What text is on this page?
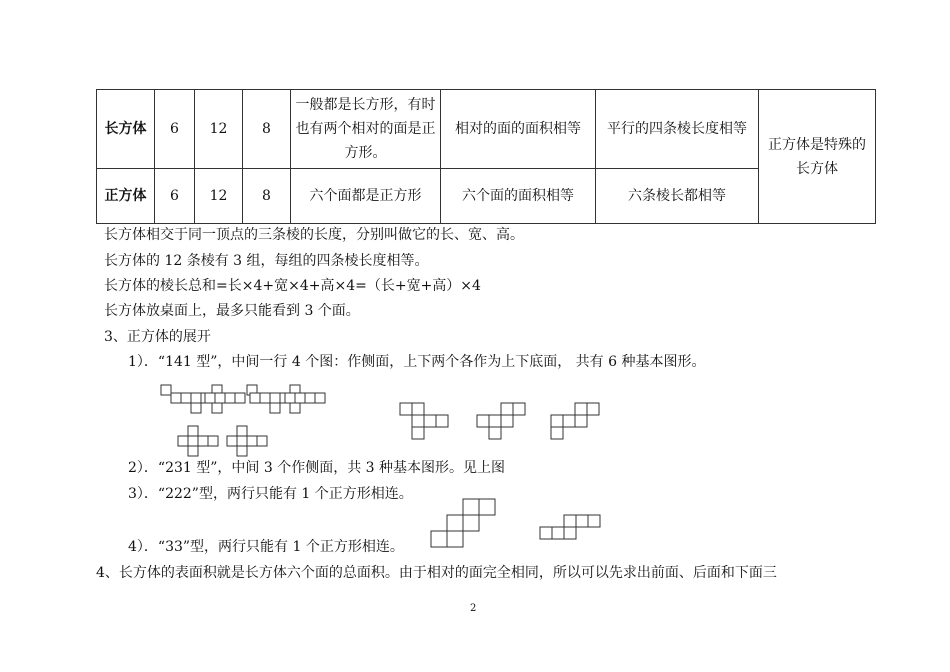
长方体	6	12	8	一般都是长方形，有时也有两个相对的面是正方形。	相对的面的面积相等	平行的四条棱长度相等	正方体是特殊的长方体
正方体	6	12	8	六个面都是正方形	六个面的面积相等	六条棱长都相等	
长方体相交于同一顶点的三条棱的长度，分别叫做它的长、宽、高。
长方体的 12 条棱有 3 组，每组的四条棱长度相等。
长方体的棱长总和=长×4+宽×4+高×4=（长+宽+高）×4
长方体放桌面上，最多只能看到 3 个面。
3、正方体的展开
1）．“141 型”，中间一行 4 个图：作侧面，上下两个各作为上下底面， 共有 6 种基本图形。
2）．“231 型”，中间 3 个作侧面，共 3 种基本图形。见上图
3）．“222”型，两行只能有 1 个正方形相连。
4）．“33”型，两行只能有 1 个正方形相连。
4、长方体的表面积就是长方体六个面的总面积。由于相对的面完全相同，所以可以先求出前面、后面和下面三
2
